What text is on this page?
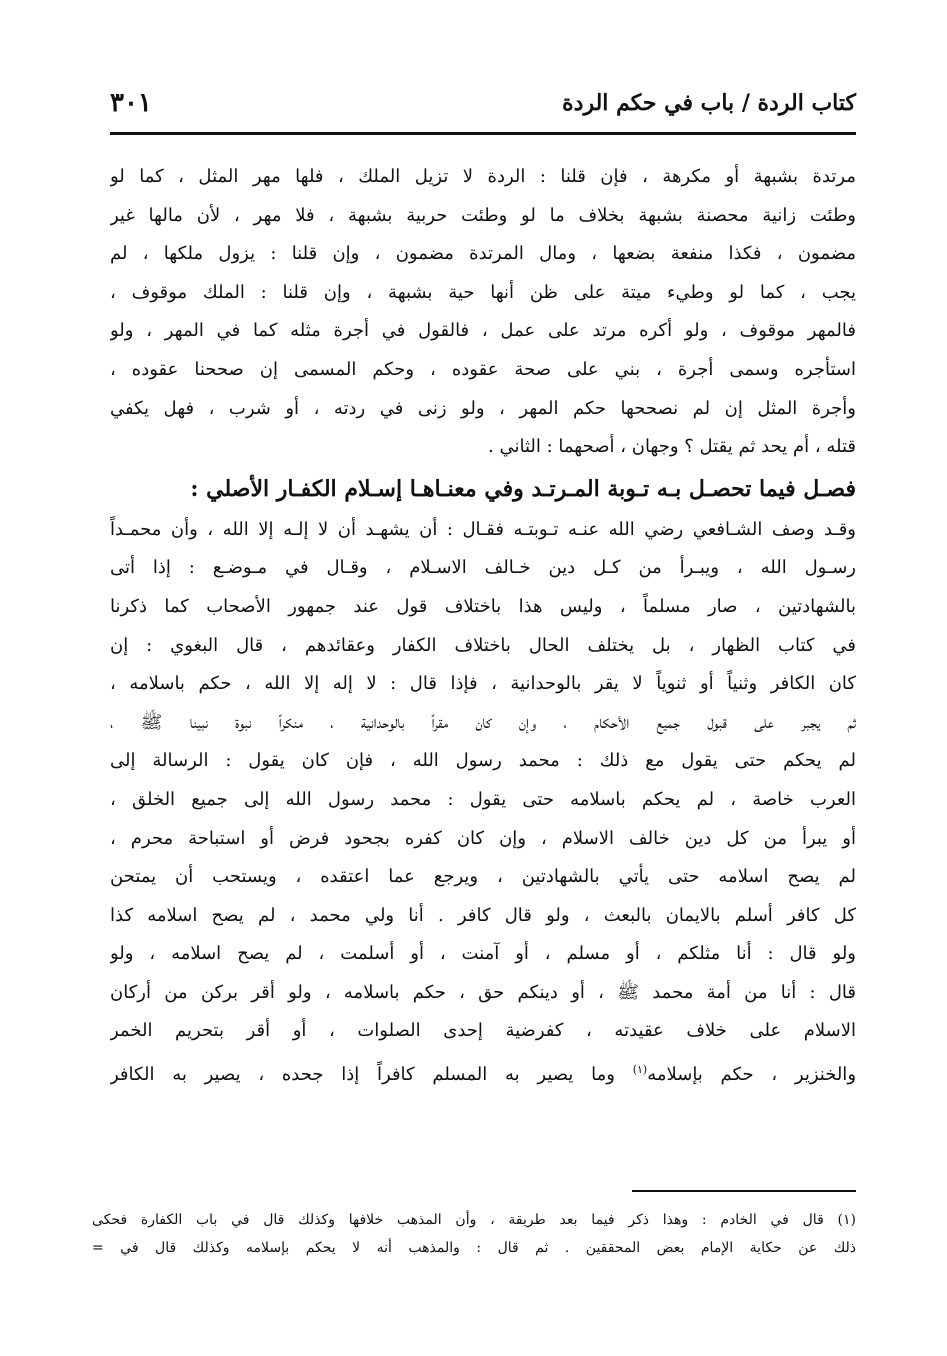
كتاب الردة / باب في حكم الردة
٣٠١
مرتدة بشبهة أو مكرهة ، فإن قلنا : الردة لا تزيل الملك ، فلها مهر المثل ، كما لو
وطئت زانية محصنة بشبهة بخلاف ما لو وطئت حربية بشبهة ، فلا مهر ، لأن مالها غير
مضمون ، فكذا منفعة بضعها ، ومال المرتدة مضمون ، وإن قلنا : يزول ملكها ، لم
يجب ، كما لو وطيء ميتة على ظن أنها حية بشبهة ، وإن قلنا : الملك موقوف ،
فالمهر موقوف ، ولو أكره مرتد على عمل ، فالقول في أجرة مثله كما في المهر ، ولو
استأجره وسمى أجرة ، بني على صحة عقوده ، وحكم المسمى إن صححنا عقوده ،
وأجرة المثل إن لم نصححها حكم المهر ، ولو زنى في ردته ، أو شرب ، فهل يكفي
قتله ، أم يحد ثم يقتل ؟ وجهان ، أصحهما : الثاني .
فصـل فيما تحصـل بـه تـوبة المـرتـد وفي معنـاهـا إسـلام الكفـار الأصلي :
وقـد وصف الشـافعي رضي الله عنـه تـوبتـه فقـال : أن يشهـد أن لا إلـه إلا الله ، وأن محمـداً
رسـول الله ، ويبـرأ من كـل دين خـالف الاسـلام ، وقـال في مـوضـع : إذا أتى
بالشهادتين ، صار مسلماً ، وليس هذا باختلاف قول عند جمهور الأصحاب كما ذكرنا
في كتاب الظهار ، بل يختلف الحال باختلاف الكفار وعقائدهم ، قال البغوي : إن
كان الكافر وثنياً أو ثنوياً لا يقر بالوحدانية ، فإذا قال : لا إله إلا الله ، حكم باسلامه ،
ثم يجبر على قبول جميع الأحكام ، وإن كان مقراً بالوحدانية ، منكراً نبوة نبينا ﷺ ،
لم يحكم حتى يقول مع ذلك : محمد رسول الله ، فإن كان يقول : الرسالة إلى
العرب خاصة ، لم يحكم باسلامه حتى يقول : محمد رسول الله إلى جميع الخلق ،
أو يبرأ من كل دين خالف الاسلام ، وإن كان كفره بجحود فرض أو استباحة محرم ،
لم يصح اسلامه حتى يأتي بالشهادتين ، ويرجع عما اعتقده ، ويستحب أن يمتحن
كل كافر أسلم بالايمان بالبعث ، ولو قال كافر . أنا ولي محمد ، لم يصح اسلامه كذا
ولو قال : أنا مثلكم ، أو مسلم ، أو آمنت ، أو أسلمت ، لم يصح اسلامه ، ولو
قال : أنا من أمة محمد ﷺ ، أو دينكم حق ، حكم باسلامه ، ولو أقر بركن من أركان
الاسلام على خلاف عقيدته ، كفرضية إحدى الصلوات ، أو أقر بتحريم الخمر
والخنزير ، حكم بإسلامه$^{(١)}$ وما يصير به المسلم كافراً إذا جحده ، يصير به الكافر
(١) قال في الخادم : وهذا ذكر فيما بعد طريقة ، وأن المذهب خلافها وكذلك قال في باب الكفارة فحكى
ذلك عن حكاية الإمام بعض المحققين . ثم قال : والمذهب أنه لا يحكم بإسلامه وكذلك قال في =
